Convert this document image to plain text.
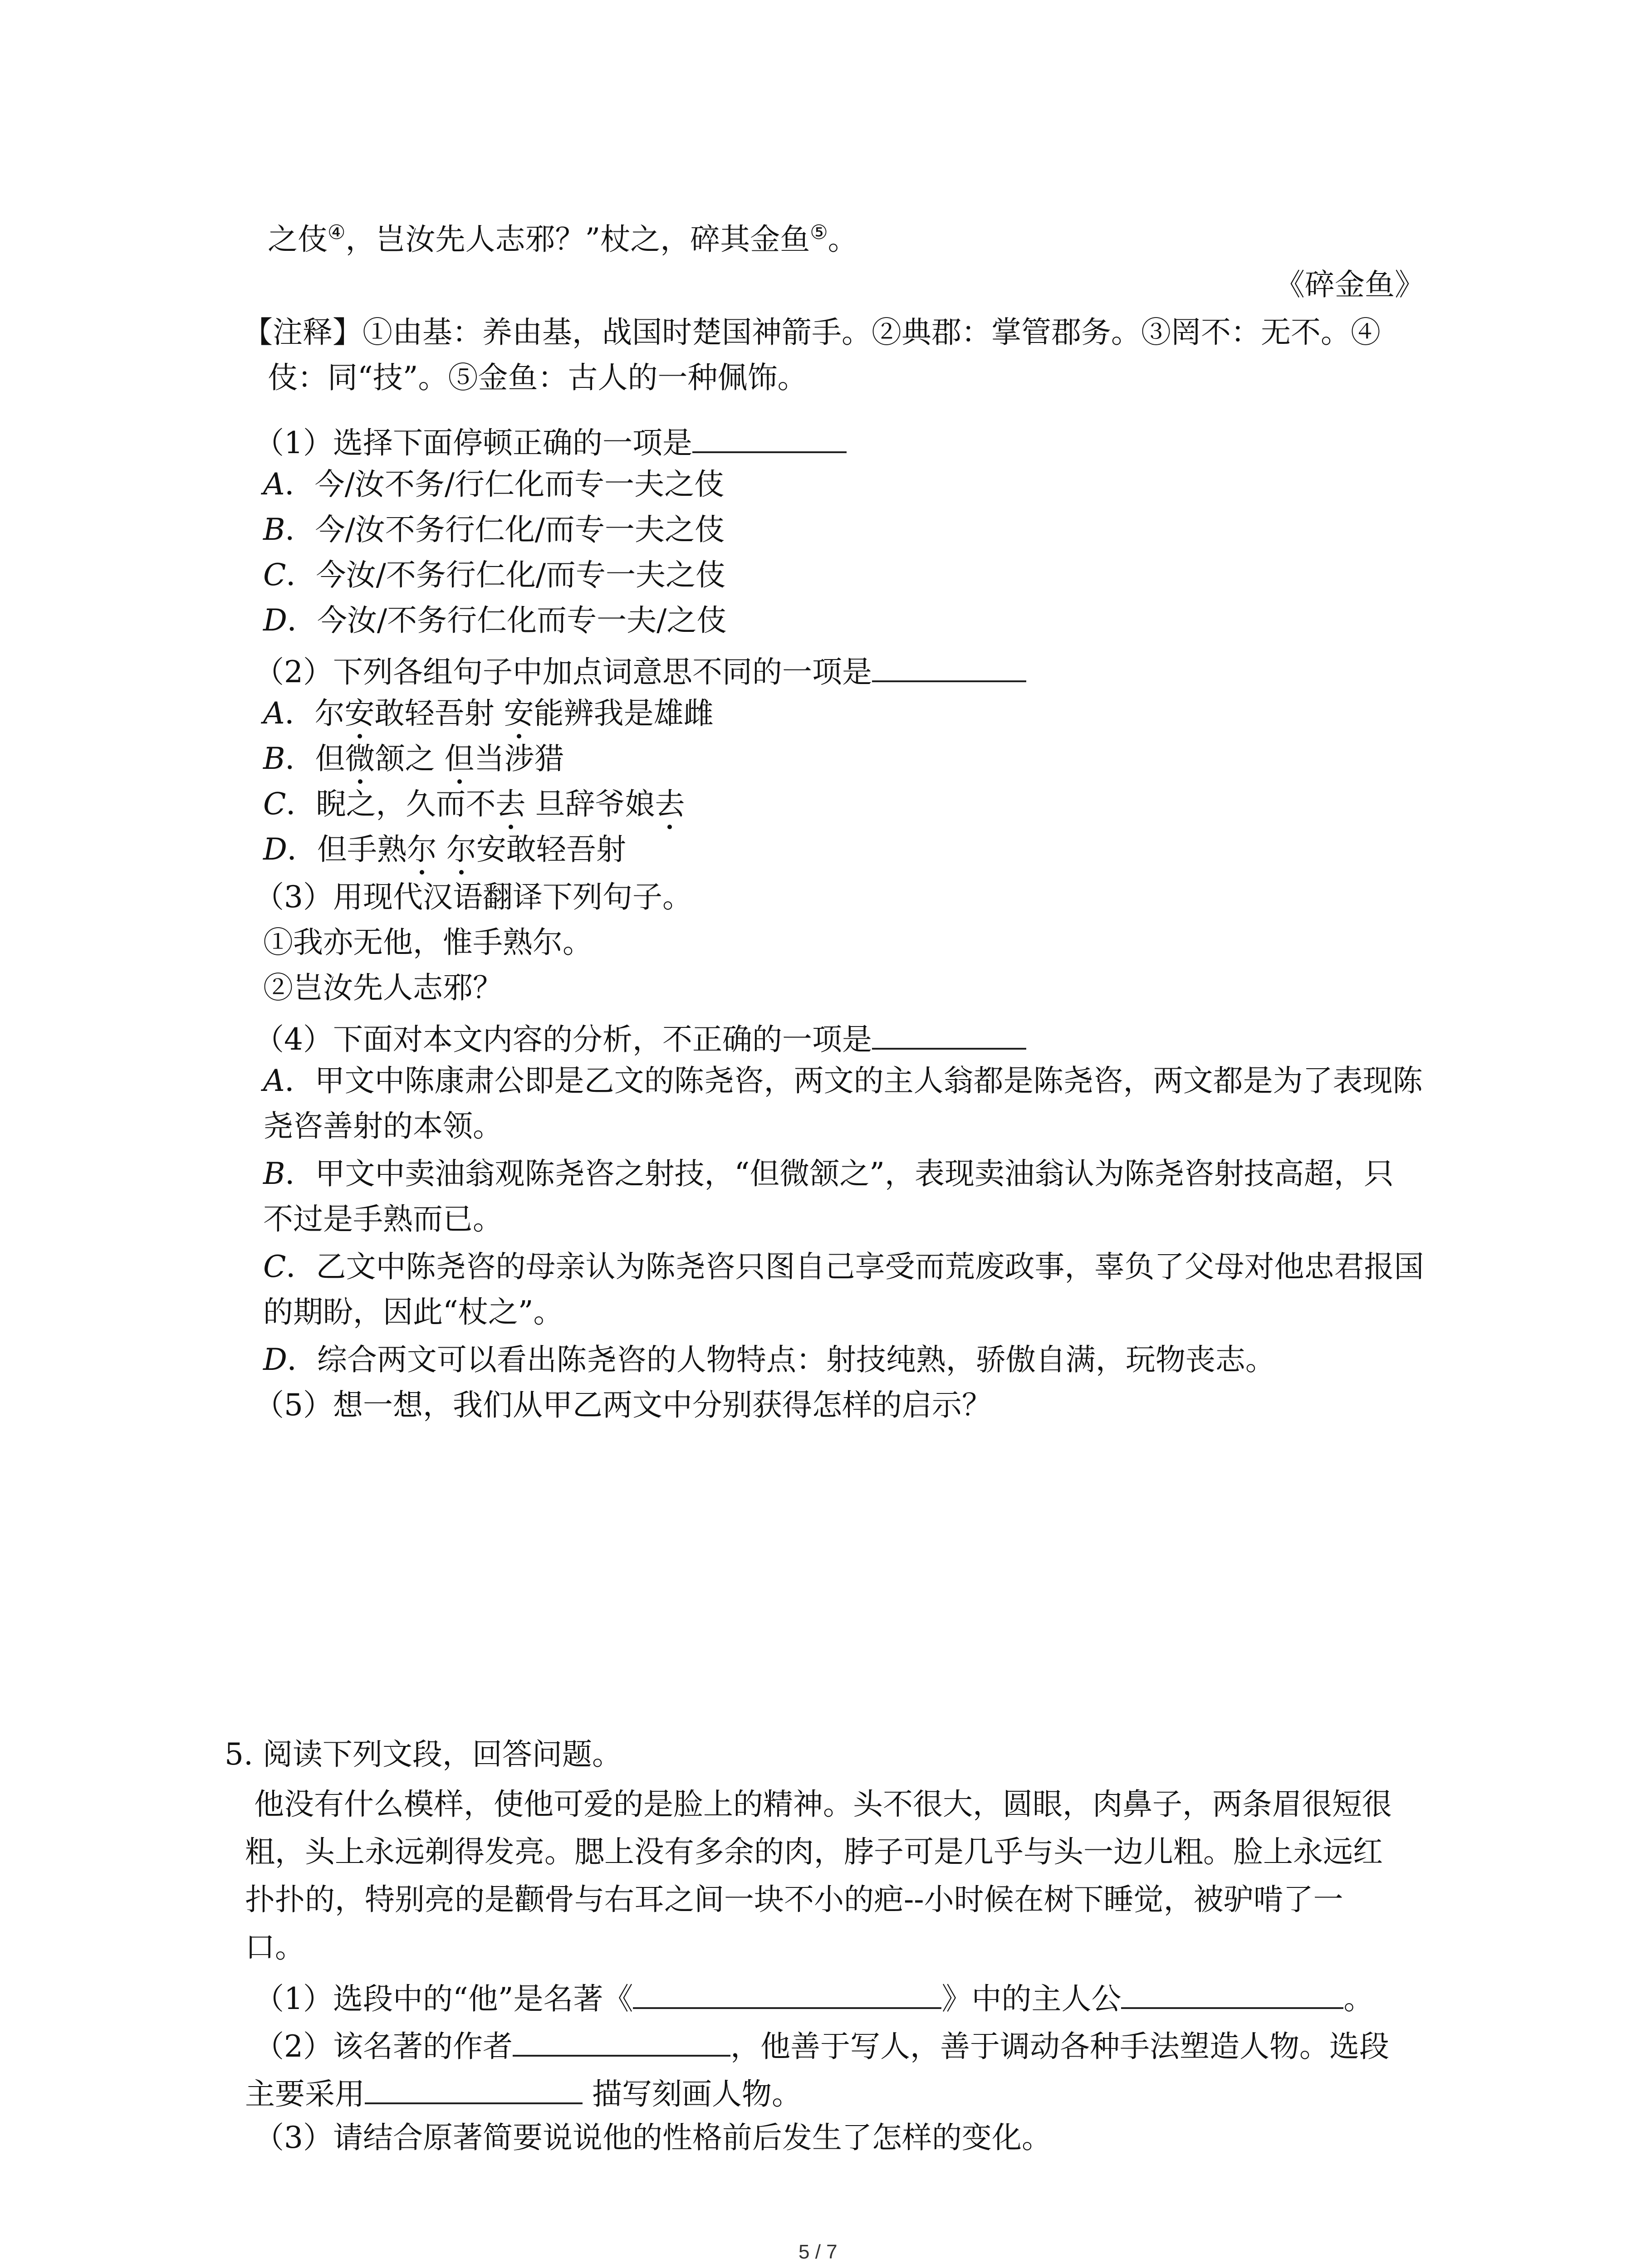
之伎④，岂汝先人志邪？”杖之，碎其金鱼⑤。
《碎金鱼》
【注释】①由基：养由基，战国时楚国神箭手。②典郡：掌管郡务。③罔不：无不。④
伎：同“技”。⑤金鱼：古人的一种佩饰。
（1）选择下面停顿正确的一项是
A．今/汝不务/行仁化而专一夫之伎
B．今/汝不务行仁化/而专一夫之伎
C．今汝/不务行仁化/而专一夫之伎
D．今汝/不务行仁化而专一夫/之伎
（2）下列各组句子中加点词意思不同的一项是
A．尔安敢轻吾射 安能辨我是雄雌
B．但微颔之 但当涉猎
C．睨之，久而不去 旦辞爷娘去
D．但手熟尔 尔安敢轻吾射
（3）用现代汉语翻译下列句子。
①我亦无他，惟手熟尔。
②岂汝先人志邪？
（4）下面对本文内容的分析，不正确的一项是
A．甲文中陈康肃公即是乙文的陈尧咨，两文的主人翁都是陈尧咨，两文都是为了表现陈
尧咨善射的本领。
B．甲文中卖油翁观陈尧咨之射技，“但微颔之”，表现卖油翁认为陈尧咨射技高超，只
不过是手熟而已。
C．乙文中陈尧咨的母亲认为陈尧咨只图自己享受而荒废政事，辜负了父母对他忠君报国
的期盼，因此“杖之”。
D．综合两文可以看出陈尧咨的人物特点：射技纯熟，骄傲自满，玩物丧志。
（5）想一想，我们从甲乙两文中分别获得怎样的启示？
5. 阅读下列文段，回答问题。
他没有什么模样，使他可爱的是脸上的精神。头不很大，圆眼，肉鼻子，两条眉很短很
粗，头上永远剃得发亮。腮上没有多余的肉，脖子可是几乎与头一边儿粗。脸上永远红
扑扑的，特别亮的是颧骨与右耳之间一块不小的疤--小时候在树下睡觉，被驴啃了一
口。
（1）选段中的“他”是名著《	》中的主人公	。
（2）该名著的作者	，他善于写人，善于调动各种手法塑造人物。选段
主要采用	描写刻画人物。
（3）请结合原著简要说说他的性格前后发生了怎样的变化。
5 / 7
